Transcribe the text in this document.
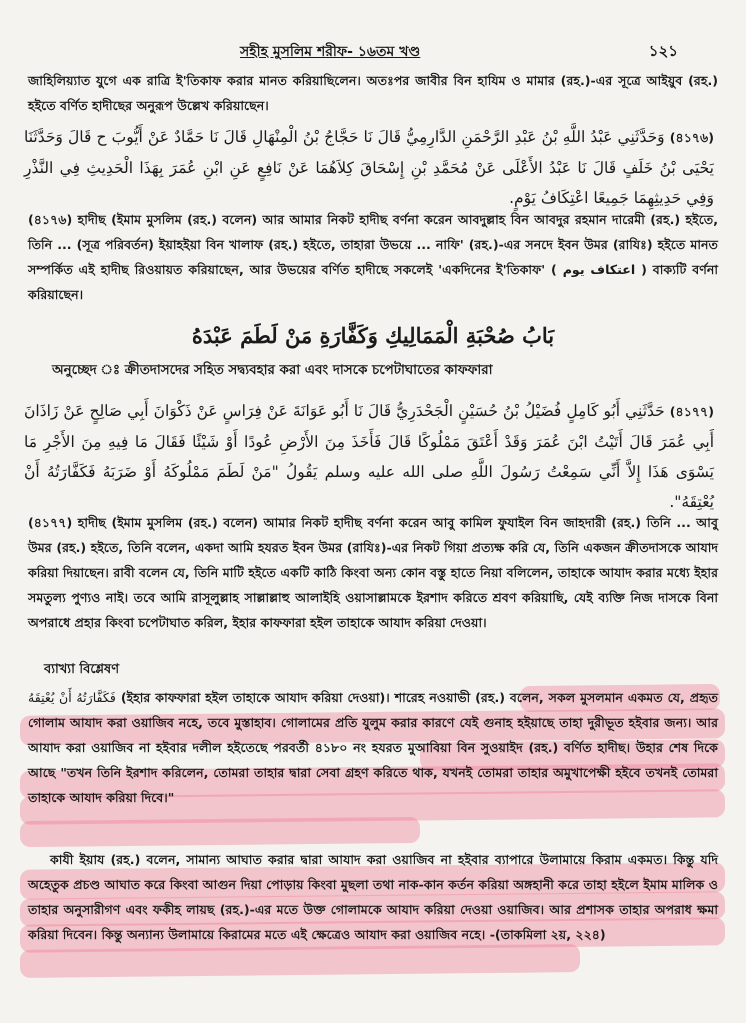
সহীহ মুসলিম শরীফ- ১৬তম খণ্ড	১২১

জাহিলিয়্যাত যুগে এক রাত্রি ই'তিকাফ করার মানত করিয়াছিলেন। অতঃপর জাবীর বিন হাযিম ও মামার (রহ.)-এর সূত্রে আইয়ুব (রহ.) হইতে বর্ণিত হাদীছের অনুরূপ উল্লেখ করিয়াছেন।

(৪১৭৬) وَحَدَّثَنِي عَبْدُ اللَّهِ بْنُ عَبْدِ الرَّحْمَنِ الدَّارِمِيُّ قَالَ نَا حَجَّاجُ بْنُ الْمِنْهَالِ قَالَ نَا حَمَّادٌ عَنْ أَيُّوبَ ح قَالَ وَحَدَّثَنَا يَحْيَى بْنُ خَلَفٍ قَالَ نَا عَبْدُ الأَعْلَى عَنْ مُحَمَّدِ بْنِ إِسْحَاقَ كِلاَهُمَا عَنْ نَافِعٍ عَنِ ابْنِ عُمَرَ بِهَذَا الْحَدِيثِ فِي النَّذْرِ وَفِي حَدِيثِهِمَا جَمِيعًا اعْتِكَافُ يَوْمٍ.

(৪১৭৬) হাদীছ (ইমাম মুসলিম (রহ.) বলেন) আর আমার নিকট হাদীছ বর্ণনা করেন আবদুল্লাহ বিন আবদুর রহমান দারেমী (রহ.) হইতে, তিনি ... (সূত্র পরিবর্তন) ইয়াহইয়া বিন খালাফ (রহ.) হইতে, তাহারা উভয়ে ... নাফি' (রহ.)-এর সনদে ইবন উমর (রাযিঃ) হইতে মানত সম্পর্কিত এই হাদীছ রিওয়ায়ত করিয়াছেন, আর উভয়ের বর্ণিত হাদীছে সকলেই 'একদিনের ই'তিকাফ' ( اعتكاف يوم ) বাক্যটি বর্ণনা করিয়াছেন।

بَابُ صُحْبَةِ الْمَمَالِيكِ وَكَفَّارَةِ مَنْ لَطَمَ عَبْدَهُ
অনুচ্ছেদ ঃ ক্রীতদাসদের সহিত সদ্ব্যবহার করা এবং দাসকে চপেটাঘাতের কাফফারা

(৪১৭৭) حَدَّثَنِي أَبُو كَامِلٍ فُضَيْلُ بْنُ حُسَيْنٍ الْجَحْدَرِيُّ قَالَ نَا أَبُو عَوَانَةَ عَنْ فِرَاسٍ عَنْ ذَكْوَانَ أَبِي صَالِحٍ عَنْ زَاذَانَ أَبِي عُمَرَ قَالَ أَتَيْتُ ابْنَ عُمَرَ وَقَدْ أَعْتَقَ مَمْلُوكًا قَالَ فَأَخَذَ مِنَ الأَرْضِ عُودًا أَوْ شَيْئًا فَقَالَ مَا فِيهِ مِنَ الأَجْرِ مَا يَسْوَى هَذَا إِلاَّ أَنِّي سَمِعْتُ رَسُولَ اللَّهِ صلى الله عليه وسلم يَقُولُ "مَنْ لَطَمَ مَمْلُوكَهُ أَوْ ضَرَبَهُ فَكَفَّارَتُهُ أَنْ يُعْتِقَهُ".

(৪১৭৭) হাদীছ (ইমাম মুসলিম (রহ.) বলেন) আমার নিকট হাদীছ বর্ণনা করেন আবু কামিল ফুযাইল বিন জাহদারী (রহ.) তিনি ... আবু উমর (রহ.) হইতে, তিনি বলেন, একদা আমি হযরত ইবন উমর (রাযিঃ)-এর নিকট গিয়া প্রত্যক্ষ করি যে, তিনি একজন ক্রীতদাসকে আযাদ করিয়া দিয়াছেন। রাবী বলেন যে, তিনি মাটি হইতে একটি কাঠি কিংবা অন্য কোন বস্তু হাতে নিয়া বলিলেন, তাহাকে আযাদ করার মধ্যে ইহার সমতুল্য পুণ্যও নাই। তবে আমি রাসূলুল্লাহ সাল্লাল্লাহু আলাইহি ওয়াসাল্লামকে ইরশাদ করিতে শ্রবণ করিয়াছি, যেই ব্যক্তি নিজ দাসকে বিনা অপরাধে প্রহার কিংবা চপেটাঘাত করিল, ইহার কাফফারা হইল তাহাকে আযাদ করিয়া দেওয়া।

ব্যাখ্যা বিশ্লেষণ

فَكَفَّارَتُهُ أَنْ يُعْتِقَهُ (ইহার কাফফারা হইল তাহাকে আযাদ করিয়া দেওয়া)। শারেহ নওয়াভী (রহ.) বলেন, সকল মুসলমান একমত যে, প্রহৃত গোলাম আযাদ করা ওয়াজিব নহে, তবে মুস্তাহাব। গোলামের প্রতি যুলুম করার কারণে যেই গুনাহ হইয়াছে তাহা দুরীভূত হইবার জন্য। আর আযাদ করা ওয়াজিব না হইবার দলীল হইতেছে পরবর্তী ৪১৮০ নং হযরত মুআবিয়া বিন সুওয়াইদ (রহ.) বর্ণিত হাদীছ। উহার শেষ দিকে আছে "তখন তিনি ইরশাদ করিলেন, তোমরা তাহার দ্বারা সেবা গ্রহণ করিতে থাক, যখনই তোমরা তাহার অমুখাপেক্ষী হইবে তখনই তোমরা তাহাকে আযাদ করিয়া দিবে।"

কাযী ইয়ায (রহ.) বলেন, সামান্য আঘাত করার দ্বারা আযাদ করা ওয়াজিব না হইবার ব্যাপারে উলামায়ে কিরাম একমত। কিন্তু যদি অহেতুক প্রচণ্ড আঘাত করে কিংবা আগুন দিয়া পোড়ায় কিংবা মুছলা তথা নাক-কান কর্তন করিয়া অঙ্গহানী করে তাহা হইলে ইমাম মালিক ও তাহার অনুসারীগণ এবং ফকীহ লায়ছ (রহ.)-এর মতে উক্ত গোলামকে আযাদ করিয়া দেওয়া ওয়াজিব। আর প্রশাসক তাহার অপরাধ ক্ষমা করিয়া দিবেন। কিন্তু অন্যান্য উলামায়ে কিরামের মতে এই ক্ষেত্রেও আযাদ করা ওয়াজিব নহে। -(তাকমিলা ২য়, ২২৪)
